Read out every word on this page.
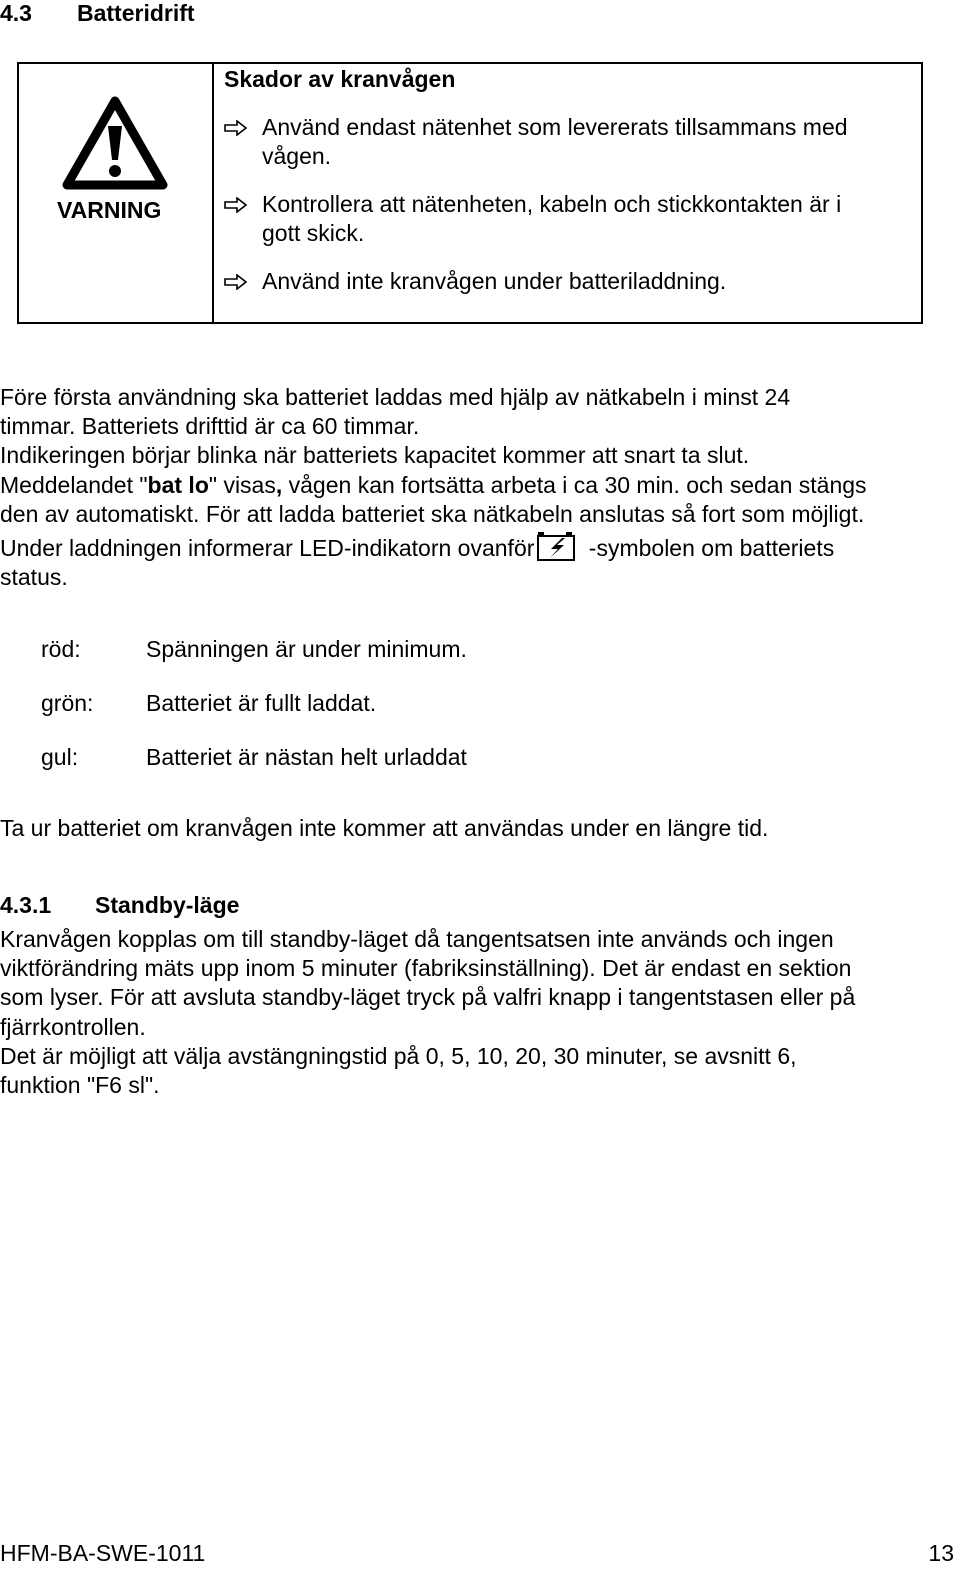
4.3 Batteridrift
VARNING
Skador av kranvågen
Använd endast nätenhet som levererats tillsammans med
vågen.
Kontrollera att nätenheten, kabeln och stickkontakten är i
gott skick.
Använd inte kranvågen under batteriladdning.
Före första användning ska batteriet laddas med hjälp av nätkabeln i minst 24
timmar. Batteriets drifttid är ca 60 timmar.
Indikeringen börjar blinka när batteriets kapacitet kommer att snart ta slut.
Meddelandet "bat lo" visas, vågen kan fortsätta arbeta i ca 30 min. och sedan stängs
den av automatiskt. För att ladda batteriet ska nätkabeln anslutas så fort som möjligt.
Under laddningen informerar LED-indikatorn ovanför -symbolen om batteriets
status.
röd:	Spänningen är under minimum.
grön: Batteriet är fullt laddat.
gul:	Batteriet är nästan helt urladdat
Ta ur batteriet om kranvågen inte kommer att användas under en längre tid.
4.3.1 Standby-läge
Kranvågen kopplas om till standby-läget då tangentsatsen inte används och ingen
viktförändring mäts upp inom 5 minuter (fabriksinställning). Det är endast en sektion
som lyser. För att avsluta standby-läget tryck på valfri knapp i tangentstasen eller på
fjärrkontrollen.
Det är möjligt att välja avstängningstid på 0, 5, 10, 20, 30 minuter, se avsnitt 6,
funktion "F6 sl".
HFM-BA-SWE-1011	13
